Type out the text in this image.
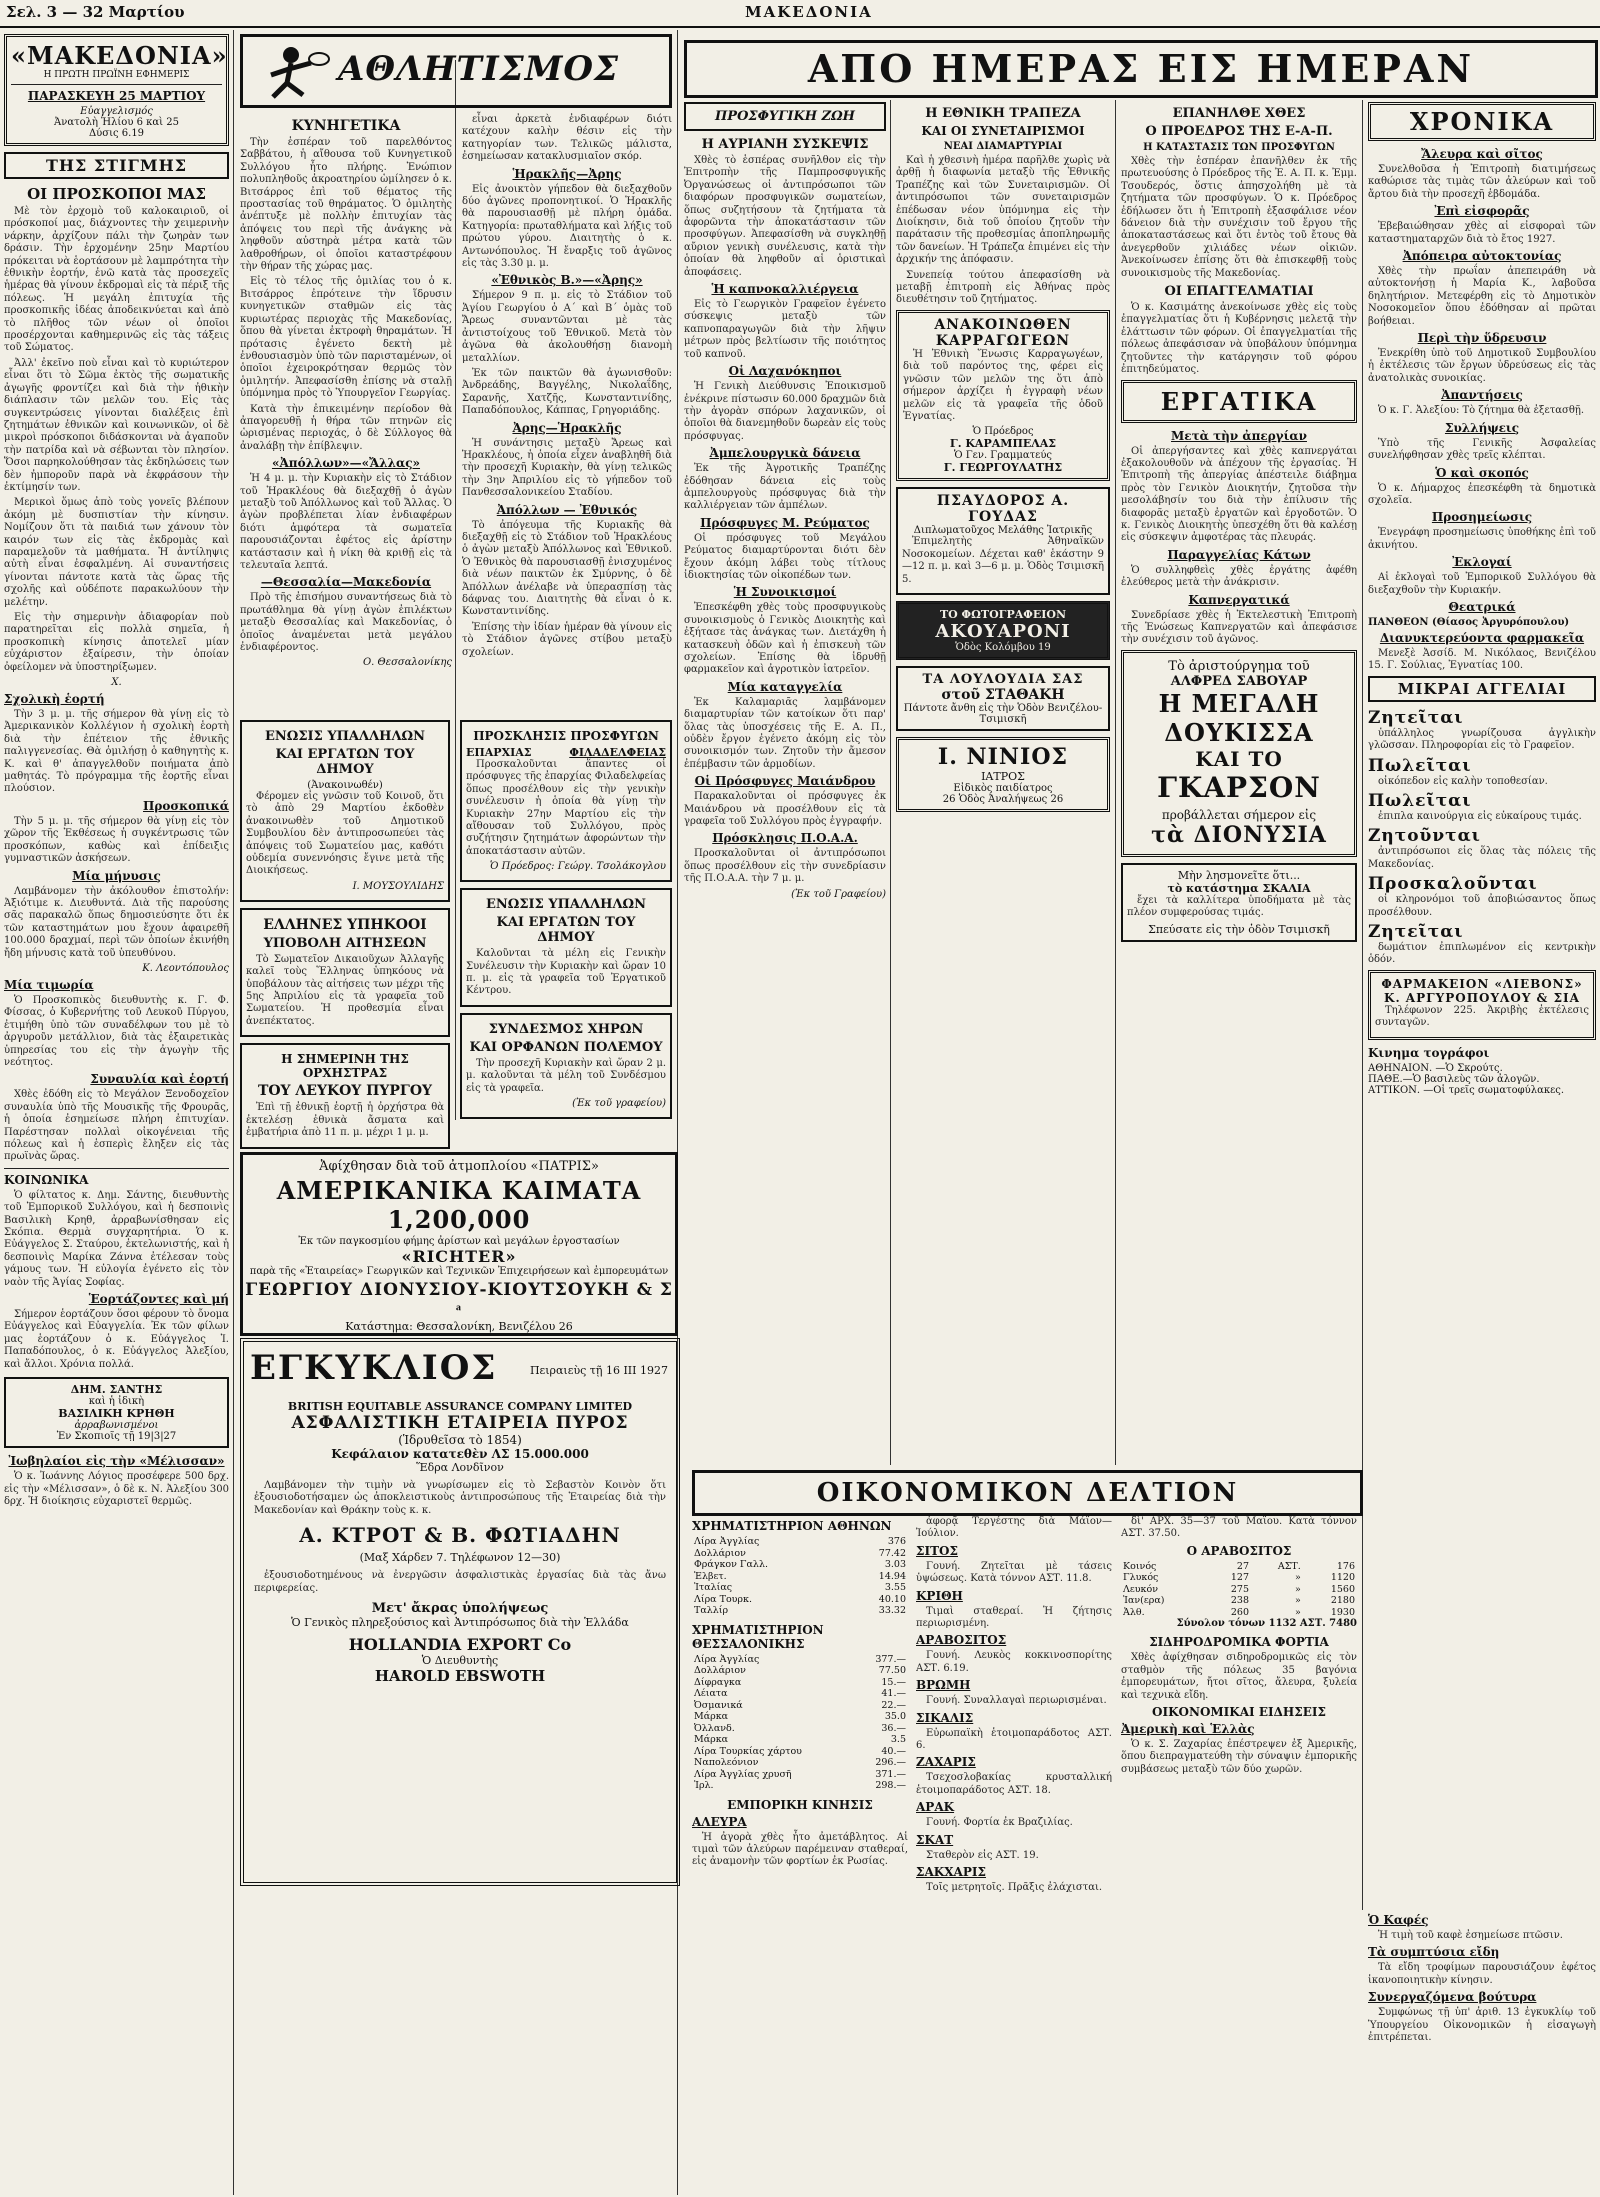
Σελ. 3 — 32 Μαρτίου	ΜΑΚΕΔΟΝΙΑ
«ΜΑΚΕΔΟΝΙΑ»
Η ΠΡΩΤΗ ΠΡΩΪΝΗ ΕΦΗΜΕΡΙΣ
ΠΑΡΑΣΚΕΥΗ 25 ΜΑΡΤΙΟΥ
Εὐαγγελισμός
Ἀνατολὴ Ἡλίου 6 καὶ 25
Δύσις 6.19
ΤΗΣ ΣΤΙΓΜΗΣ
ΟΙ ΠΡΟΣΚΟΠΟΙ ΜΑΣ

Μὲ τὸν ἐρχομὸ τοῦ καλοκαιριοῦ, οἱ πρόσκοποί μας, διάχνοντες τὴν χειμερινὴν νάρκην, ἀρχίζουν πάλι τὴν ζωηρὰν των δράσιν. Τὴν ἐρχομένην 25ην Μαρτίου πρόκειται νὰ ἑορτάσουν μὲ λαμπρότητα τὴν ἐθνικὴν ἑορτήν, ἐνῶ κατὰ τὰς προσεχεῖς ἡμέρας θὰ γίνουν ἐκδρομαὶ εἰς τὰ πέριξ τῆς πόλεως. Ἡ μεγάλη ἐπιτυχία τῆς προσκοπικῆς ἰδέας ἀποδεικνύεται καὶ ἀπὸ τὸ πλῆθος τῶν νέων οἱ ὁποῖοι προσέρχονται καθημερινῶς εἰς τὰς τάξεις τοῦ Σώματος.

Ἀλλ' ἐκεῖνο ποὺ εἶναι καὶ τὸ κυριώτερον εἶναι ὅτι τὸ Σῶμα ἐκτὸς τῆς σωματικῆς ἀγωγῆς φροντίζει καὶ διὰ τὴν ἠθικὴν διάπλασιν τῶν μελῶν του. Εἰς τὰς συγκεντρώσεις γίνονται διαλέξεις ἐπὶ ζητημάτων ἐθνικῶν καὶ κοινωνικῶν, οἱ δὲ μικροὶ πρόσκοποι διδάσκονται νὰ ἀγαποῦν τὴν πατρίδα καὶ νὰ σέβωνται τὸν πλησίον. Ὅσοι παρηκολούθησαν τὰς ἐκδηλώσεις των δὲν ἠμποροῦν παρὰ νὰ ἐκφράσουν τὴν ἐκτίμησίν των.

Μερικοὶ ὅμως ἀπὸ τοὺς γονεῖς βλέπουν ἀκόμη μὲ δυσπιστίαν τὴν κίνησιν. Νομίζουν ὅτι τὰ παιδιά των χάνουν τὸν καιρόν των εἰς τὰς ἐκδρομὰς καὶ παραμελοῦν τὰ μαθήματα. Ἡ ἀντίληψις αὐτὴ εἶναι ἐσφαλμένη. Αἱ συναντήσεις γίνονται πάντοτε κατὰ τὰς ὥρας τῆς σχολῆς καὶ οὐδέποτε παρακωλύουν τὴν μελέτην.

Εἰς τὴν σημερινὴν ἀδιαφορίαν ποὺ παρατηρεῖται εἰς πολλὰ σημεῖα, ἡ προσκοπικὴ κίνησις ἀποτελεῖ μίαν εὐχάριστον ἐξαίρεσιν, τὴν ὁποίαν ὀφείλομεν νὰ ὑποστηρίξωμεν.

Χ.
Σχολικὴ ἑορτή

Τὴν 3 μ. μ. τῆς σήμερον θὰ γίνῃ εἰς τὸ Ἀμερικανικὸν Κολλέγιον ἡ σχολικὴ ἑορτὴ διὰ τὴν ἐπέτειον τῆς ἐθνικῆς παλιγγενεσίας. Θὰ ὁμιλήσῃ ὁ καθηγητὴς κ. Κ. καὶ θ' ἀπαγγελθοῦν ποιήματα ἀπὸ μαθητάς. Τὸ πρόγραμμα τῆς ἑορτῆς εἶναι πλούσιον.

Προσκοπικά

Τὴν 5 μ. μ. τῆς σήμερον θὰ γίνῃ εἰς τὸν χῶρον τῆς Ἐκθέσεως ἡ συγκέντρωσις τῶν προσκόπων, καθὼς καὶ ἐπίδειξις γυμναστικῶν ἀσκήσεων.

Μία μήνυσις

Λαμβάνομεν τὴν ἀκόλουθον ἐπιστολήν: Ἀξιότιμε κ. Διευθυντά. Διὰ τῆς παρούσης σᾶς παρακαλῶ ὅπως δημοσιεύσητε ὅτι ἐκ τῶν καταστημάτων μου ἔχουν ἀφαιρεθῆ 100.000 δραχμαί, περὶ τῶν ὁποίων ἐκινήθη ἤδη μήνυσις κατὰ τοῦ ὑπευθύνου.

Κ. Λεοντόπουλος
Μία τιμωρία

Ὁ Προσκοπικὸς διευθυντὴς κ. Γ. Φ. Φίσσας, ὁ Κυβερνήτης τοῦ Λευκοῦ Πύργου, ἐτιμήθη ὑπὸ τῶν συναδέλφων του μὲ τὸ ἀργυροῦν μετάλλιον, διὰ τὰς ἐξαιρετικὰς ὑπηρεσίας του εἰς τὴν ἀγωγὴν τῆς νεότητος.

Συναυλία καὶ ἑορτή

Χθὲς ἐδόθη εἰς τὸ Μεγάλον Ξενοδοχεῖον συναυλία ὑπὸ τῆς Μουσικῆς τῆς Φρουρᾶς, ἡ ὁποία ἐσημείωσε πλήρη ἐπιτυχίαν. Παρέστησαν πολλαὶ οἰκογένειαι τῆς πόλεως καὶ ἡ ἑσπερὶς ἔληξεν εἰς τὰς πρωϊνὰς ὥρας.

ΚΟΙΝΩΝΙΚΑ

Ὁ φίλτατος κ. Δημ. Σάντης, διευθυντὴς τοῦ Ἐμπορικοῦ Συλλόγου, καὶ ἡ δεσποινὶς Βασιλικὴ Κρηθ, ἀρραβωνίσθησαν εἰς Σκόπια. Θερμὰ συγχαρητήρια. Ὁ κ. Εὐάγγελος Σ. Σταύρου, ἐκτελωνιστής, καὶ ἡ δεσποινὶς Μαρίκα Ζάννα ἐτέλεσαν τοὺς γάμους των. Ἡ εὐλογία ἐγένετο εἰς τὸν ναὸν τῆς Ἁγίας Σοφίας.

Ἑορτάζοντες καὶ μή

Σήμερον ἑορτάζουν ὅσοι φέρουν τὸ ὄνομα Εὐάγγελος καὶ Εὐαγγελία. Ἐκ τῶν φίλων μας ἑορτάζουν ὁ κ. Εὐάγγελος Ἰ. Παπαδόπουλος, ὁ κ. Εὐάγγελος Ἀλεξίου, καὶ ἄλλοι. Χρόνια πολλά.

ΔΗΜ. ΣΑΝΤΗΣ
καὶ ἡ ἰδικὴ
ΒΑΣΙΛΙΚΗ ΚΡΗΘΗ
ἀρραβωνισμένοι
Ἐν Σκοπιοῖς τῇ 19|3|27
Ἰωβηλαίοι εἰς τὴν «Μέλισσαν»

Ὁ κ. Ἰωάννης Λόγιος προσέφερε 500 δρχ. εἰς τὴν «Μέλισσαν», ὁ δὲ κ. Ν. Ἀλεξίου 300 δρχ. Ἡ διοίκησις εὐχαριστεῖ θερμῶς.

ΑΘΛΗΤΙΣΜΟΣ
ΚΥΝΗΓΕΤΙΚΑ

Τὴν ἑσπέραν τοῦ παρελθόντος Σαββάτου, ἡ αἴθουσα τοῦ Κυνηγετικοῦ Συλλόγου ἦτο πλήρης. Ἐνώπιον πολυπληθοῦς ἀκροατηρίου ὡμίλησεν ὁ κ. Βιτσάρρος ἐπὶ τοῦ θέματος τῆς προστασίας τοῦ θηράματος. Ὁ ὁμιλητὴς ἀνέπτυξε μὲ πολλὴν ἐπιτυχίαν τὰς ἀπόψεις του περὶ τῆς ἀνάγκης νὰ ληφθοῦν αὐστηρὰ μέτρα κατὰ τῶν λαθροθήρων, οἱ ὁποῖοι καταστρέφουν τὴν θήραν τῆς χώρας μας.

Εἰς τὸ τέλος τῆς ὁμιλίας του ὁ κ. Βιτσάρρος ἐπρότεινε τὴν ἵδρυσιν κυνηγετικῶν σταθμῶν εἰς τὰς κυριωτέρας περιοχὰς τῆς Μακεδονίας, ὅπου θὰ γίνεται ἐκτροφὴ θηραμάτων. Ἡ πρότασις ἐγένετο δεκτὴ μὲ ἐνθουσιασμὸν ὑπὸ τῶν παρισταμένων, οἱ ὁποῖοι ἐχειροκρότησαν θερμῶς τὸν ὁμιλητήν. Ἀπεφασίσθη ἐπίσης νὰ σταλῇ ὑπόμνημα πρὸς τὸ Ὑπουργεῖον Γεωργίας.

Κατὰ τὴν ἐπικειμένην περίοδον θὰ ἀπαγορευθῇ ἡ θήρα τῶν πτηνῶν εἰς ὡρισμένας περιοχάς, ὁ δὲ Σύλλογος θὰ ἀναλάβῃ τὴν ἐπίβλεψιν.

«Ἀπόλλων»—«Ἄλλας»

Ἡ 4 μ. μ. τὴν Κυριακὴν εἰς τὸ Στάδιον τοῦ Ἡρακλέους θὰ διεξαχθῇ ὁ ἀγὼν μεταξὺ τοῦ Ἀπόλλωνος καὶ τοῦ Ἄλλας. Ὁ ἀγὼν προβλέπεται λίαν ἐνδιαφέρων διότι ἀμφότερα τὰ σωματεῖα παρουσιάζονται ἐφέτος εἰς ἀρίστην κατάστασιν καὶ ἡ νίκη θὰ κριθῇ εἰς τὰ τελευταῖα λεπτά.

—Θεσσαλία—Μακεδονία

Πρὸ τῆς ἐπισήμου συναντήσεως διὰ τὸ πρωτάθλημα θὰ γίνῃ ἀγὼν ἐπιλέκτων μεταξὺ Θεσσαλίας καὶ Μακεδονίας, ὁ ὁποῖος ἀναμένεται μετὰ μεγάλου ἐνδιαφέροντος.

Ο. Θεσσαλονίκης

εἶναι ἀρκετὰ ἐνδιαφέρων διότι κατέχουν καλὴν θέσιν εἰς τὴν κατηγορίαν των. Τελικῶς μάλιστα, ἐσημείωσαν κατακλυσμιαῖον σκόρ.

Ἡρακλῆς—Ἀρης

Εἰς ἀνοικτὸν γήπεδον θὰ διεξαχθοῦν δύο ἀγῶνες προπονητικοί. Ὁ Ἡρακλῆς θὰ παρουσιασθῇ μὲ πλήρη ὁμάδα. Κατηγορία: πρωταθλήματα καὶ λήξις τοῦ πρώτου γύρου. Διαιτητὴς ὁ κ. Αντωνόπουλος. Ἡ ἔναρξις τοῦ ἀγῶνος εἰς τὰς 3.30 μ. μ.

«Ἐθνικὸς Β.»—«Ἀρης»

Σήμερον 9 π. μ. εἰς τὸ Στάδιον τοῦ Ἁγίου Γεωργίου ὁ Α΄ καὶ Β΄ ὁμὰς τοῦ Ἄρεως συναντῶνται μὲ τὰς ἀντιστοίχους τοῦ Ἐθνικοῦ. Μετὰ τὸν ἀγῶνα θὰ ἀκολουθήσῃ διανομὴ μεταλλίων.

Ἐκ τῶν παικτῶν θὰ ἀγωνισθοῦν: Ἀνδρεάδης, Βαγγέλης, Νικολαΐδης, Σαρανῆς, Χατζῆς, Κωνσταντινίδης, Παπαδόπουλος, Κάππας, Γρηγοριάδης.

Ἀρης—Ἡρακλῆς

Ἡ συνάντησις μεταξὺ Ἄρεως καὶ Ἡρακλέους, ἡ ὁποία εἶχεν ἀναβληθῆ διὰ τὴν προσεχῆ Κυριακὴν, θὰ γίνῃ τελικῶς τὴν 3ην Ἀπριλίου εἰς τὸ γήπεδον τοῦ Πανθεσσαλονικείου Σταδίου.

Ἀπόλλων — Ἐθνικός

Τὸ ἀπόγευμα τῆς Κυριακῆς θὰ διεξαχθῇ εἰς τὸ Στάδιον τοῦ Ἡρακλέους ὁ ἀγὼν μεταξὺ Ἀπόλλωνος καὶ Ἐθνικοῦ. Ὁ Ἐθνικὸς θὰ παρουσιασθῇ ἐνισχυμένος διὰ νέων παικτῶν ἐκ Σμύρνης, ὁ δὲ Ἀπόλλων ἀνέλαβε νὰ ὑπερασπίσῃ τὰς δάφνας του. Διαιτητὴς θὰ εἶναι ὁ κ. Κωνσταντινίδης.

Ἐπίσης τὴν ἰδίαν ἡμέραν θὰ γίνουν εἰς τὸ Στάδιον ἀγῶνες στίβου μεταξὺ σχολείων.

ΕΝΩΣΙΣ ΥΠΑΛΛΗΛΩΝ
ΚΑΙ ΕΡΓΑΤΩΝ ΤΟΥ ΔΗΜΟΥ
(Ἀνακοινωθέν)

Φέρομεν εἰς γνῶσιν τοῦ Κοινοῦ, ὅτι τὸ ἀπὸ 29 Μαρτίου ἐκδοθὲν ἀνακοινωθὲν τοῦ Δημοτικοῦ Συμβουλίου δὲν ἀντιπροσωπεύει τὰς ἀπόψεις τοῦ Σωματείου μας, καθότι οὐδεμία συνεννόησις ἔγινε μετὰ τῆς Διοικήσεως.

Ι. ΜΟΥΣΟΥΛΙΔΗΣ
ΕΛΛΗΝΕΣ ΥΠΗΚΟΟΙ
ΥΠΟΒΟΛΗ ΑΙΤΗΣΕΩΝ

Τὸ Σωματεῖον Δικαιοῦχων Ἀλλαγῆς καλεῖ τοὺς Ἕλληνας ὑπηκόους νὰ ὑποβάλουν τὰς αἰτήσεις των μέχρι τῆς 5ης Ἀπριλίου εἰς τὰ γραφεῖα τοῦ Σωματείου. Ἡ προθεσμία εἶναι ἀνεπέκτατος.

Η ΣΗΜΕΡΙΝΗ ΤΗΣ ΟΡΧΗΣΤΡΑΣ
ΤΟΥ ΛΕΥΚΟΥ ΠΥΡΓΟΥ

Ἐπὶ τῇ ἐθνικῇ ἑορτῇ ἡ ὀρχήστρα θὰ ἐκτελέσῃ ἐθνικὰ ἄσματα καὶ ἐμβατήρια ἀπὸ 11 π. μ. μέχρι 1 μ. μ.

ΠΡΟΣΚΛΗΣΙΣ ΠΡΟΣΦΥΓΩΝ
ΕΠΑΡΧΙΑΣ	ΦΙΛΑΔΕΛΦΕΙΑΣ

Προσκαλοῦνται ἅπαντες οἱ πρόσφυγες τῆς ἐπαρχίας Φιλαδελφείας ὅπως προσέλθουν εἰς τὴν γενικὴν συνέλευσιν ἡ ὁποία θὰ γίνῃ τὴν Κυριακὴν 27ην Μαρτίου εἰς τὴν αἴθουσαν τοῦ Συλλόγου, πρὸς συζήτησιν ζητημάτων ἀφορώντων τὴν ἀποκατάστασιν αὐτῶν.

Ὁ Πρόεδρος: Γεώργ. Τσολάκογλου
ΕΝΩΣΙΣ ΥΠΑΛΛΗΛΩΝ
ΚΑΙ ΕΡΓΑΤΩΝ ΤΟΥ ΔΗΜΟΥ

Καλοῦνται τὰ μέλη εἰς Γενικὴν Συνέλευσιν τὴν Κυριακὴν καὶ ὥραν 10 π. μ. εἰς τὰ γραφεῖα τοῦ Ἐργατικοῦ Κέντρου.

ΣΥΝΔΕΣΜΟΣ ΧΗΡΩΝ
ΚΑΙ ΟΡΦΑΝΩΝ ΠΟΛΕΜΟΥ

Τὴν προσεχῆ Κυριακὴν καὶ ὥραν 2 μ. μ. καλοῦνται τὰ μέλη τοῦ Συνδέσμου εἰς τὰ γραφεῖα.

(Ἐκ τοῦ γραφείου)
Ἀφίχθησαν διὰ τοῦ ἀτμοπλοίου «ΠΑΤΡΙΣ»
ΑΜΕΡΙΚΑΝΙΚΑ ΚΑΙΜΑΤΑ 1,200,000
Ἐκ τῶν παγκοσμίου φήμης ἀρίστων καὶ μεγάλων ἐργοστασίων
«RICHTER»
παρὰ τῆς «Ἑταιρείας» Γεωργικῶν καὶ Τεχνικῶν Ἐπιχειρήσεων καὶ ἐμπορευμάτων
ΓΕΩΡΓΙΟΥ ΔΙΟΝΥΣΙΟΥ-ΚΙΟΥΤΣΟΥΚΗ & Σ ͣ
Κατάστημα: Θεσσαλονίκη, Βενιζέλου 26
ΕΓΚΥΚΛΙΟΣ	Πειραιεὺς τῇ 16 ΙΙΙ 1927
BRITISH EQUITABLE ASSURANCE COMPANY LIMITED
ΑΣΦΑΛΙΣΤΙΚΗ ΕΤΑΙΡΕΙΑ ΠΥΡΟΣ
(Ἱδρυθεῖσα τὸ 1854)
Κεφάλαιον κατατεθὲν ΛΣ 15.000.000
Ἕδρα Λονδῖνον

Λαμβάνομεν τὴν τιμὴν νὰ γνωρίσωμεν εἰς τὸ Σεβαστὸν Κοινὸν ὅτι ἐξουσιοδοτήσαμεν ὡς ἀποκλειστικοὺς ἀντιπροσώπους τῆς Ἑταιρείας διὰ τὴν Μακεδονίαν καὶ Θράκην τοὺς κ. κ.

Α. ΚΤΡΟΤ & Β. ΦΩΤΙΑΔΗΝ
(Μαξ Χάρδεν 7. Τηλέφωνον 12—30)

ἐξουσιοδοτημένους νὰ ἐνεργῶσιν ἀσφαλιστικὰς ἐργασίας διὰ τὰς ἄνω περιφερείας.

Μετ' ἄκρας ὑπολήψεως
Ὁ Γενικὸς πληρεξούσιος καὶ Ἀντιπρόσωπος διὰ τὴν Ἑλλάδα
HOLLANDIA EXPORT Co
Ὁ Διευθυντὴς
HAROLD EBSWOTH
ΑΠΟ ΗΜΕΡΑΣ ΕΙΣ ΗΜΕΡΑΝ
ΠΡΟΣΦΥΓΙΚΗ ΖΩΗ
Η ΑΥΡΙΑΝΗ ΣΥΣΚΕΨΙΣ

Χθὲς τὸ ἑσπέρας συνῆλθον εἰς τὴν Ἐπιτροπὴν τῆς Παμπροσφυγικῆς Ὀργανώσεως οἱ ἀντιπρόσωποι τῶν διαφόρων προσφυγικῶν σωματείων, ὅπως συζητήσουν τὰ ζητήματα τὰ ἀφορῶντα τὴν ἀποκατάστασιν τῶν προσφύγων. Ἀπεφασίσθη νὰ συγκληθῇ αὔριον γενικὴ συνέλευσις, κατὰ τὴν ὁποίαν θὰ ληφθοῦν αἱ ὁριστικαὶ ἀποφάσεις.

Ἡ καπνοκαλλιέργεια

Εἰς τὸ Γεωργικὸν Γραφεῖον ἐγένετο σύσκεψις μεταξὺ τῶν καπνοπαραγωγῶν διὰ τὴν λῆψιν μέτρων πρὸς βελτίωσιν τῆς ποιότητος τοῦ καπνοῦ.

Οἱ Λαχανόκηποι

Ἡ Γενικὴ Διεύθυνσις Ἐποικισμοῦ ἐνέκρινε πίστωσιν 60.000 δραχμῶν διὰ τὴν ἀγορὰν σπόρων λαχανικῶν, οἱ ὁποῖοι θὰ διανεμηθοῦν δωρεὰν εἰς τοὺς πρόσφυγας.

Ἀμπελουργικὰ δάνεια

Ἐκ τῆς Ἀγροτικῆς Τραπέζης ἐδόθησαν δάνεια εἰς τοὺς ἀμπελουργοὺς πρόσφυγας διὰ τὴν καλλιέργειαν τῶν ἀμπέλων.

Πρόσφυγες Μ. Ρεύματος

Οἱ πρόσφυγες τοῦ Μεγάλου Ρεύματος διαμαρτύρονται διότι δὲν ἔχουν ἀκόμη λάβει τοὺς τίτλους ἰδιοκτησίας τῶν οἰκοπέδων των.

Ἡ Συνοικισμοί

Ἐπεσκέφθη χθὲς τοὺς προσφυγικοὺς συνοικισμοὺς ὁ Γενικὸς Διοικητὴς καὶ ἐξήτασε τὰς ἀνάγκας των. Διετάχθη ἡ κατασκευὴ ὁδῶν καὶ ἡ ἐπισκευὴ τῶν σχολείων. Ἐπίσης θὰ ἱδρυθῇ φαρμακεῖον καὶ ἀγροτικὸν ἰατρεῖον.

Μία καταγγελία

Ἐκ Καλαμαριᾶς λαμβάνομεν διαμαρτυρίαν τῶν κατοίκων ὅτι παρ' ὅλας τὰς ὑποσχέσεις τῆς Ε. Α. Π., οὐδὲν ἔργον ἐγένετο ἀκόμη εἰς τὸν συνοικισμόν των. Ζητοῦν τὴν ἄμεσον ἐπέμβασιν τῶν ἁρμοδίων.

Οἱ Πρόσφυγες Μαιάνδρου

Παρακαλοῦνται οἱ πρόσφυγες ἐκ Μαιάνδρου νὰ προσέλθουν εἰς τὰ γραφεῖα τοῦ Συλλόγου πρὸς ἐγγραφήν.

Πρόσκλησις Π.Ο.Α.Α.

Προσκαλοῦνται οἱ ἀντιπρόσωποι ὅπως προσέλθουν εἰς τὴν συνεδρίασιν τῆς Π.Ο.Α.Α. τὴν 7 μ. μ.

(Ἐκ τοῦ Γραφείου)
Η ΕΘΝΙΚΗ ΤΡΑΠΕΖΑ
ΚΑΙ ΟΙ ΣΥΝΕΤΑΙΡΙΣΜΟΙ
ΝΕΑΙ ΔΙΑΜΑΡΤΥΡΙΑΙ

Καὶ ἡ χθεσινὴ ἡμέρα παρῆλθε χωρὶς νὰ ἀρθῇ ἡ διαφωνία μεταξὺ τῆς Ἐθνικῆς Τραπέζης καὶ τῶν Συνεταιρισμῶν. Οἱ ἀντιπρόσωποι τῶν συνεταιρισμῶν ἐπέδωσαν νέον ὑπόμνημα εἰς τὴν Διοίκησιν, διὰ τοῦ ὁποίου ζητοῦν τὴν παράτασιν τῆς προθεσμίας ἀποπληρωμῆς τῶν δανείων. Ἡ Τράπεζα ἐπιμένει εἰς τὴν ἀρχικήν της ἀπόφασιν.

Συνεπείᾳ τούτου ἀπεφασίσθη νὰ μεταβῇ ἐπιτροπὴ εἰς Ἀθήνας πρὸς διευθέτησιν τοῦ ζητήματος.

ΑΝΑΚΟΙΝΩΘΕΝ
ΚΑΡΡΑΓΩΓΕΩΝ

Ἡ Ἐθνικὴ Ἕνωσις Καρραγωγέων, διὰ τοῦ παρόντος της, φέρει εἰς γνῶσιν τῶν μελῶν της ὅτι ἀπὸ σήμερον ἀρχίζει ἡ ἐγγραφὴ νέων μελῶν εἰς τὰ γραφεῖα τῆς ὁδοῦ Ἐγνατίας.

Ὁ Πρόεδρος
Γ. ΚΑΡΑΜΠΕΛΑΣ
Ὁ Γεν. Γραμματεύς
Γ. ΓΕΩΡΓΟΥΛΑΤΗΣ
ΠΣΑΥΔΟΡΟΣ Α. ΓΟΥΔΑΣ
Διπλωματοῦχος Μελάθης Ἰατρικῆς

Ἐπιμελητὴς Ἀθηναϊκῶν Νοσοκομείων. Δέχεται καθ' ἑκάστην 9—12 π. μ. καὶ 3—6 μ. μ. Ὁδὸς Τσιμισκῆ 5.

ΤΟ ΦΩΤΟΓΡΑΦΕΙΟΝ
ΑΚΟΥΑΡΟΝΙ
Ὁδὸς Κολόμβου 19
ΤΑ ΛΟΥΛΟΥΔΙΑ ΣΑΣ
στοῦ ΣΤΑΘΑΚΗ
Πάντοτε ἄνθη εἰς τὴν Ὁδὸν Βενιζέλου-Τσιμισκῆ
Ι. ΝΙΝΙΟΣ
ΙΑΤΡΟΣ
Εἰδικὸς παιδίατρος
26 Ὁδὸς Ἀναλήψεως 26
ΕΠΑΝΗΛΘΕ ΧΘΕΣ
Ο ΠΡΟΕΔΡΟΣ ΤΗΣ Ε-Α-Π.
Η ΚΑΤΑΣΤΑΣΙΣ ΤΩΝ ΠΡΟΣΦΥΓΩΝ

Χθὲς τὴν ἑσπέραν ἐπανῆλθεν ἐκ τῆς πρωτευούσης ὁ Πρόεδρος τῆς Ἐ. Α. Π. κ. Ἐμμ. Τσουδερός, ὅστις ἀπησχολήθη μὲ τὰ ζητήματα τῶν προσφύγων. Ὁ κ. Πρόεδρος ἐδήλωσεν ὅτι ἡ Ἐπιτροπὴ ἐξασφάλισε νέον δάνειον διὰ τὴν συνέχισιν τοῦ ἔργου τῆς ἀποκαταστάσεως καὶ ὅτι ἐντὸς τοῦ ἔτους θὰ ἀνεγερθοῦν χιλιάδες νέων οἰκιῶν. Ἀνεκοίνωσεν ἐπίσης ὅτι θὰ ἐπισκεφθῇ τοὺς συνοικισμοὺς τῆς Μακεδονίας.

ΟΙ ΕΠΑΓΓΕΛΜΑΤΙΑΙ

Ὁ κ. Κασιμάτης ἀνεκοίνωσε χθὲς εἰς τοὺς ἐπαγγελματίας ὅτι ἡ Κυβέρνησις μελετᾷ τὴν ἐλάττωσιν τῶν φόρων. Οἱ ἐπαγγελματίαι τῆς πόλεως ἀπεφάσισαν νὰ ὑποβάλουν ὑπόμνημα ζητοῦντες τὴν κατάργησιν τοῦ φόρου ἐπιτηδεύματος.

ΕΡΓΑΤΙΚΑ
Μετὰ τὴν ἀπεργίαν

Οἱ ἀπεργήσαντες καὶ χθὲς καπνεργάται ἐξακολουθοῦν νὰ ἀπέχουν τῆς ἐργασίας. Ἡ Ἐπιτροπὴ τῆς ἀπεργίας ἀπέστειλε διάβημα πρὸς τὸν Γενικὸν Διοικητήν, ζητοῦσα τὴν μεσολάβησίν του διὰ τὴν ἐπίλυσιν τῆς διαφορᾶς μεταξὺ ἐργατῶν καὶ ἐργοδοτῶν. Ὁ κ. Γενικὸς Διοικητὴς ὑπεσχέθη ὅτι θὰ καλέσῃ εἰς σύσκεψιν ἀμφοτέρας τὰς πλευράς.

Παραγγελίας Κάτων

Ὁ συλληφθεὶς χθὲς ἐργάτης ἀφέθη ἐλεύθερος μετὰ τὴν ἀνάκρισιν.

Καπνεργατικά

Συνεδρίασε χθὲς ἡ Ἐκτελεστικὴ Ἐπιτροπὴ τῆς Ἑνώσεως Καπνεργατῶν καὶ ἀπεφάσισε τὴν συνέχισιν τοῦ ἀγῶνος.

Τὸ ἀριστούργημα τοῦ
ΑΛΦΡΕΔ ΣΑΒΟΥΑΡ
Η ΜΕΓΑΛΗ ΔΟΥΚΙΣΣΑ
ΚΑΙ ΤΟ
ΓΚΑΡΣΟΝ
προβάλλεται σήμερον εἰς
τὰ ΔΙΟΝΥΣΙΑ
Μὴν λησμονεῖτε ὅτι...
τὸ κατάστημα ΣΚΑΛΙΑ

ἔχει τὰ καλλίτερα ὑποδήματα μὲ τὰς πλέον συμφερούσας τιμάς.

Σπεύσατε εἰς τὴν ὁδὸν Τσιμισκῆ
ΧΡΟΝΙΚΑ
Ἄλευρα καὶ σῖτος

Συνελθοῦσα ἡ Ἐπιτροπὴ διατιμήσεως καθώρισε τὰς τιμὰς τῶν ἀλεύρων καὶ τοῦ ἄρτου διὰ τὴν προσεχῆ ἑβδομάδα.

Ἐπὶ εἰσφορᾶς

Ἐβεβαιώθησαν χθὲς αἱ εἰσφοραὶ τῶν καταστηματαρχῶν διὰ τὸ ἔτος 1927.

Ἀπόπειρα αὐτοκτονίας

Χθὲς τὴν πρωΐαν ἀπεπειράθη νὰ αὐτοκτονήσῃ ἡ Μαρία Κ., λαβοῦσα δηλητήριον. Μετεφέρθη εἰς τὸ Δημοτικὸν Νοσοκομεῖον ὅπου ἐδόθησαν αἱ πρῶται βοήθειαι.

Περὶ τὴν ὕδρευσιν

Ἐνεκρίθη ὑπὸ τοῦ Δημοτικοῦ Συμβουλίου ἡ ἐκτέλεσις τῶν ἔργων ὑδρεύσεως εἰς τὰς ἀνατολικὰς συνοικίας.

Ἀπαντήσεις

Ὁ κ. Γ. Ἀλεξίου: Τὸ ζήτημα θὰ ἐξετασθῇ.

Συλλήψεις

Ὑπὸ τῆς Γενικῆς Ἀσφαλείας συνελήφθησαν χθὲς τρεῖς κλέπται.

Ὁ καὶ σκοπός

Ὁ κ. Δήμαρχος ἐπεσκέφθη τὰ δημοτικὰ σχολεῖα.

Προσημείωσις

Ἐνεγράφη προσημείωσις ὑποθήκης ἐπὶ τοῦ ἀκινήτου.

Ἐκλογαί

Αἱ ἐκλογαὶ τοῦ Ἐμπορικοῦ Συλλόγου θὰ διεξαχθοῦν τὴν Κυριακήν.

Θεατρικά
ΠΑΝΘΕΟΝ (Θίασος Ἀργυρόπουλου)
Διανυκτερεύοντα φαρμακεῖα

Μενεξὲ Ἀσσίδ. Μ. Νικόλαος, Βενιζέλου 15. Γ. Σούλιας, Ἐγνατίας 100.

ΜΙΚΡΑΙ ΑΓΓΕΛΙΑΙ
Ζητεῖται

ὑπάλληλος γνωρίζουσα ἀγγλικὴν γλῶσσαν. Πληροφορίαι εἰς τὸ Γραφεῖον.

Πωλεῖται

οἰκόπεδον εἰς καλὴν τοποθεσίαν.

Πωλεῖται

ἐπιπλα καινούργια εἰς εὐκαίρους τιμάς.

Ζητοῦνται

ἀντιπρόσωποι εἰς ὅλας τὰς πόλεις τῆς Μακεδονίας.

Προσκαλοῦνται

οἱ κληρονόμοι τοῦ ἀποβιώσαντος ὅπως προσέλθουν.

Ζητεῖται

δωμάτιον ἐπιπλωμένον εἰς κεντρικὴν ὁδόν.

ΦΑΡΜΑΚΕΙΟΝ «ΛΙΕΒΟΝΣ»
Κ. ΑΡΓΥΡΟΠΟΥΛΟΥ & ΣΙΑ

Τηλέφωνον 225. Ἀκριβὴς ἐκτέλεσις συνταγῶν.

Κινημα τογράφοι
ΑΘΗΝΑΙΟΝ. —Ὁ Σκρούτς.
ΠΑΘΕ.—Ὁ βασιλεὺς τῶν ἀλογῶν.
ΑΤΤΙΚΟΝ. —Οἱ τρεῖς σωματοφύλακες.
ΟΙΚΟΝΟΜΙΚΟΝ ΔΕΛΤΙΟΝ
ΧΡΗΜΑΤΙΣΤΗΡΙΟΝ ΑΘΗΝΩΝ
Λίρα Ἀγγλίας	376
Δολλάριον	77.42
Φράγκον Γαλλ.	3.03
Ἑλβετ.	14.94
Ἰταλίας	3.55
Λίρα Τουρκ.	40.10
Ταλλίρ	33.32
ΧΡΗΜΑΤΙΣΤΗΡΙΟΝ ΘΕΣΣΑΛΟΝΙΚΗΣ
Λίρα Ἀγγλίας	377.—
Δολλάριον	77.50
Δίφραγκα	15.—
Λέιατα	41.—
Ὀσμανικά	22.—
Μάρκα	35.0
Ὀλλανδ.	36.—
Μάρκα	3.5
Λίρα Τουρκίας χάρτου	40.—
Ναπολεόνιον	296.—
Λίρα Ἀγγλίας χρυσῆ	371.—
Ἰρλ.	298.—
ΕΜΠΟΡΙΚΗ ΚΙΝΗΣΙΣ
ΑΛΕΥΡΑ

Ἡ ἀγορὰ χθὲς ἦτο ἀμετάβλητος. Αἱ τιμαὶ τῶν ἀλεύρων παρέμειναν σταθεραί, εἰς ἀναμονὴν τῶν φορτίων ἐκ Ρωσίας.

ἀφορᾷ Τεργέστης διὰ Μάϊον—Ἰούλιον.

ΣΙΤΟΣ

Γουνή. Ζητεῖται μὲ τάσεις ὑψώσεως. Κατὰ τόννον ΑΣΤ. 11.8.

ΚΡΙΘΗ

Τιμαὶ σταθεραί. Ἡ ζήτησις περιωρισμένη.

ΑΡΑΒΟΣΙΤΟΣ

Γουνή. Λευκὸς κοκκινοσπορίτης ΑΣΤ. 6.19.

ΒΡΩΜΗ

Γουνή. Συναλλαγαὶ περιωρισμέναι.

ΣΙΚΑΛΙΣ

Εὐρωπαϊκὴ ἑτοιμοπαράδοτος ΑΣΤ. 6.

ΖΑΧΑΡΙΣ

Τσεχοσλοβακίας κρυσταλλική ἑτοιμοπαράδοτος ΑΣΤ. 18.

ΑΡΑΚ

Γουνή. Φορτία ἐκ Βραζιλίας.

ΣΚΑΤ

Σταθερὸν εἰς ΑΣΤ. 19.

ΣΑΚΧΑΡΙΣ

Τοῖς μετρητοῖς. Πρᾶξις ἐλάχισται.

δὶ' ΑΡΧ. 35—37 τοῦ Μαΐου. Κατὰ τόννον ΑΣΤ. 37.50.

Ο ΑΡΑΒΟΣΙΤΟΣ
Κοινός	27	ΑΣΤ.	176
Γλυκός	127	»	1120
Λευκόν	275	»	1560
Ἰαν(ερα)	238	»	2180
Ἀλθ.	260	»	1930
Σύνολον τόνων 1132 ΑΣΤ. 7480
ΣΙΔΗΡΟΔΡΟΜΙΚΑ ΦΟΡΤΙΑ

Χθὲς ἀφίχθησαν σιδηροδρομικῶς εἰς τὸν σταθμὸν τῆς πόλεως 35 βαγόνια ἐμπορευμάτων, ἤτοι σῖτος, ἄλευρα, ξυλεία καὶ τεχνικὰ εἴδη.

ΟΙΚΟΝΟΜΙΚΑΙ ΕΙΔΗΣΕΙΣ
Ἀμερικὴ καὶ Ἑλλὰς

Ὁ κ. Σ. Ζαχαρίας ἐπέστρεψεν ἐξ Ἀμερικῆς, ὅπου διεπραγματεύθη τὴν σύναψιν ἐμπορικῆς συμβάσεως μεταξὺ τῶν δύο χωρῶν.

Ὁ Καφές

Ἡ τιμὴ τοῦ καφὲ ἐσημείωσε πτῶσιν.

Τὰ συμπτύσια εἴδη

Τὰ εἴδη τροφίμων παρουσιάζουν ἐφέτος ἱκανοποιητικὴν κίνησιν.

Συνεργαζόμενα βούτυρα

Συμφώνως τῇ ὑπ' ἀριθ. 13 ἐγκυκλίῳ τοῦ Ὑπουργείου Οἰκονομικῶν ἡ εἰσαγωγὴ ἐπιτρέπεται.
